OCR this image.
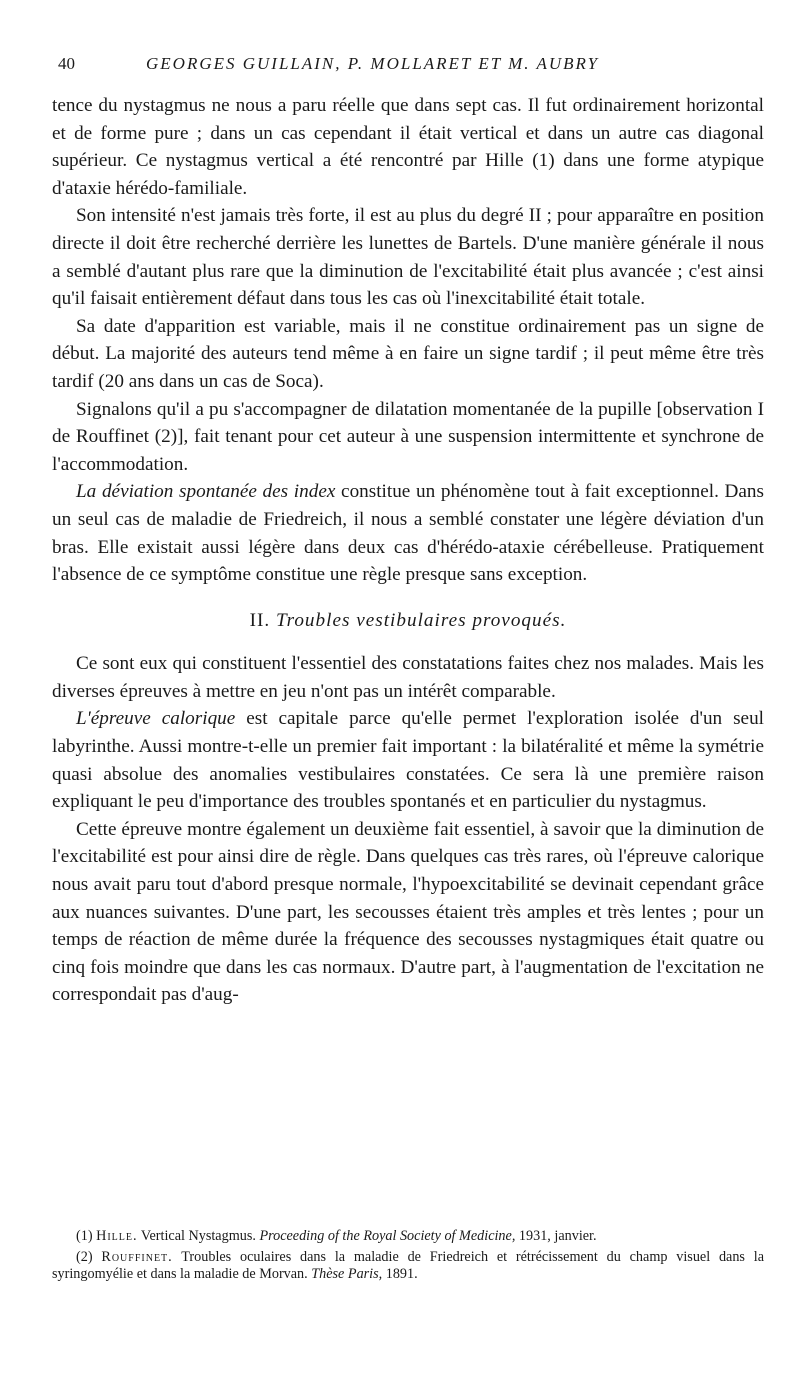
40	GEORGES GUILLAIN, P. MOLLARET ET M. AUBRY

tence du nystagmus ne nous a paru réelle que dans sept cas. Il fut ordinairement horizontal et de forme pure ; dans un cas cependant il était vertical et dans un autre cas diagonal supérieur. Ce nystagmus vertical a été rencontré par Hille (1) dans une forme atypique d'ataxie hérédo-familiale.

Son intensité n'est jamais très forte, il est au plus du degré II ; pour apparaître en position directe il doit être recherché derrière les lunettes de Bartels. D'une manière générale il nous a semblé d'autant plus rare que la diminution de l'excitabilité était plus avancée ; c'est ainsi qu'il faisait entièrement défaut dans tous les cas où l'inexcitabilité était totale.

Sa date d'apparition est variable, mais il ne constitue ordinairement pas un signe de début. La majorité des auteurs tend même à en faire un signe tardif ; il peut même être très tardif (20 ans dans un cas de Soca).

Signalons qu'il a pu s'accompagner de dilatation momentanée de la pupille [observation I de Rouffinet (2)], fait tenant pour cet auteur à une suspension intermittente et synchrone de l'accommodation.

La déviation spontanée des index constitue un phénomène tout à fait exceptionnel. Dans un seul cas de maladie de Friedreich, il nous a semblé constater une légère déviation d'un bras. Elle existait aussi légère dans deux cas d'hérédo-ataxie cérébelleuse. Pratiquement l'absence de ce symptôme constitue une règle presque sans exception.

II. Troubles vestibulaires provoqués.

Ce sont eux qui constituent l'essentiel des constatations faites chez nos malades. Mais les diverses épreuves à mettre en jeu n'ont pas un intérêt comparable.

L'épreuve calorique est capitale parce qu'elle permet l'exploration isolée d'un seul labyrinthe. Aussi montre-t-elle un premier fait important : la bilatéralité et même la symétrie quasi absolue des anomalies vestibulaires constatées. Ce sera là une première raison expliquant le peu d'importance des troubles spontanés et en particulier du nystagmus.

Cette épreuve montre également un deuxième fait essentiel, à savoir que la diminution de l'excitabilité est pour ainsi dire de règle. Dans quelques cas très rares, où l'épreuve calorique nous avait paru tout d'abord presque normale, l'hypoexcitabilité se devinait cependant grâce aux nuances suivantes. D'une part, les secousses étaient très amples et très lentes ; pour un temps de réaction de même durée la fréquence des secousses nystagmiques était quatre ou cinq fois moindre que dans les cas normaux. D'autre part, à l'augmentation de l'excitation ne correspondait pas d'aug-

(1) Hille. Vertical Nystagmus. Proceeding of the Royal Society of Medicine, 1931, janvier.

(2) Rouffinet. Troubles oculaires dans la maladie de Friedreich et rétrécissement du champ visuel dans la syringomyélie et dans la maladie de Morvan. Thèse Paris, 1891.
